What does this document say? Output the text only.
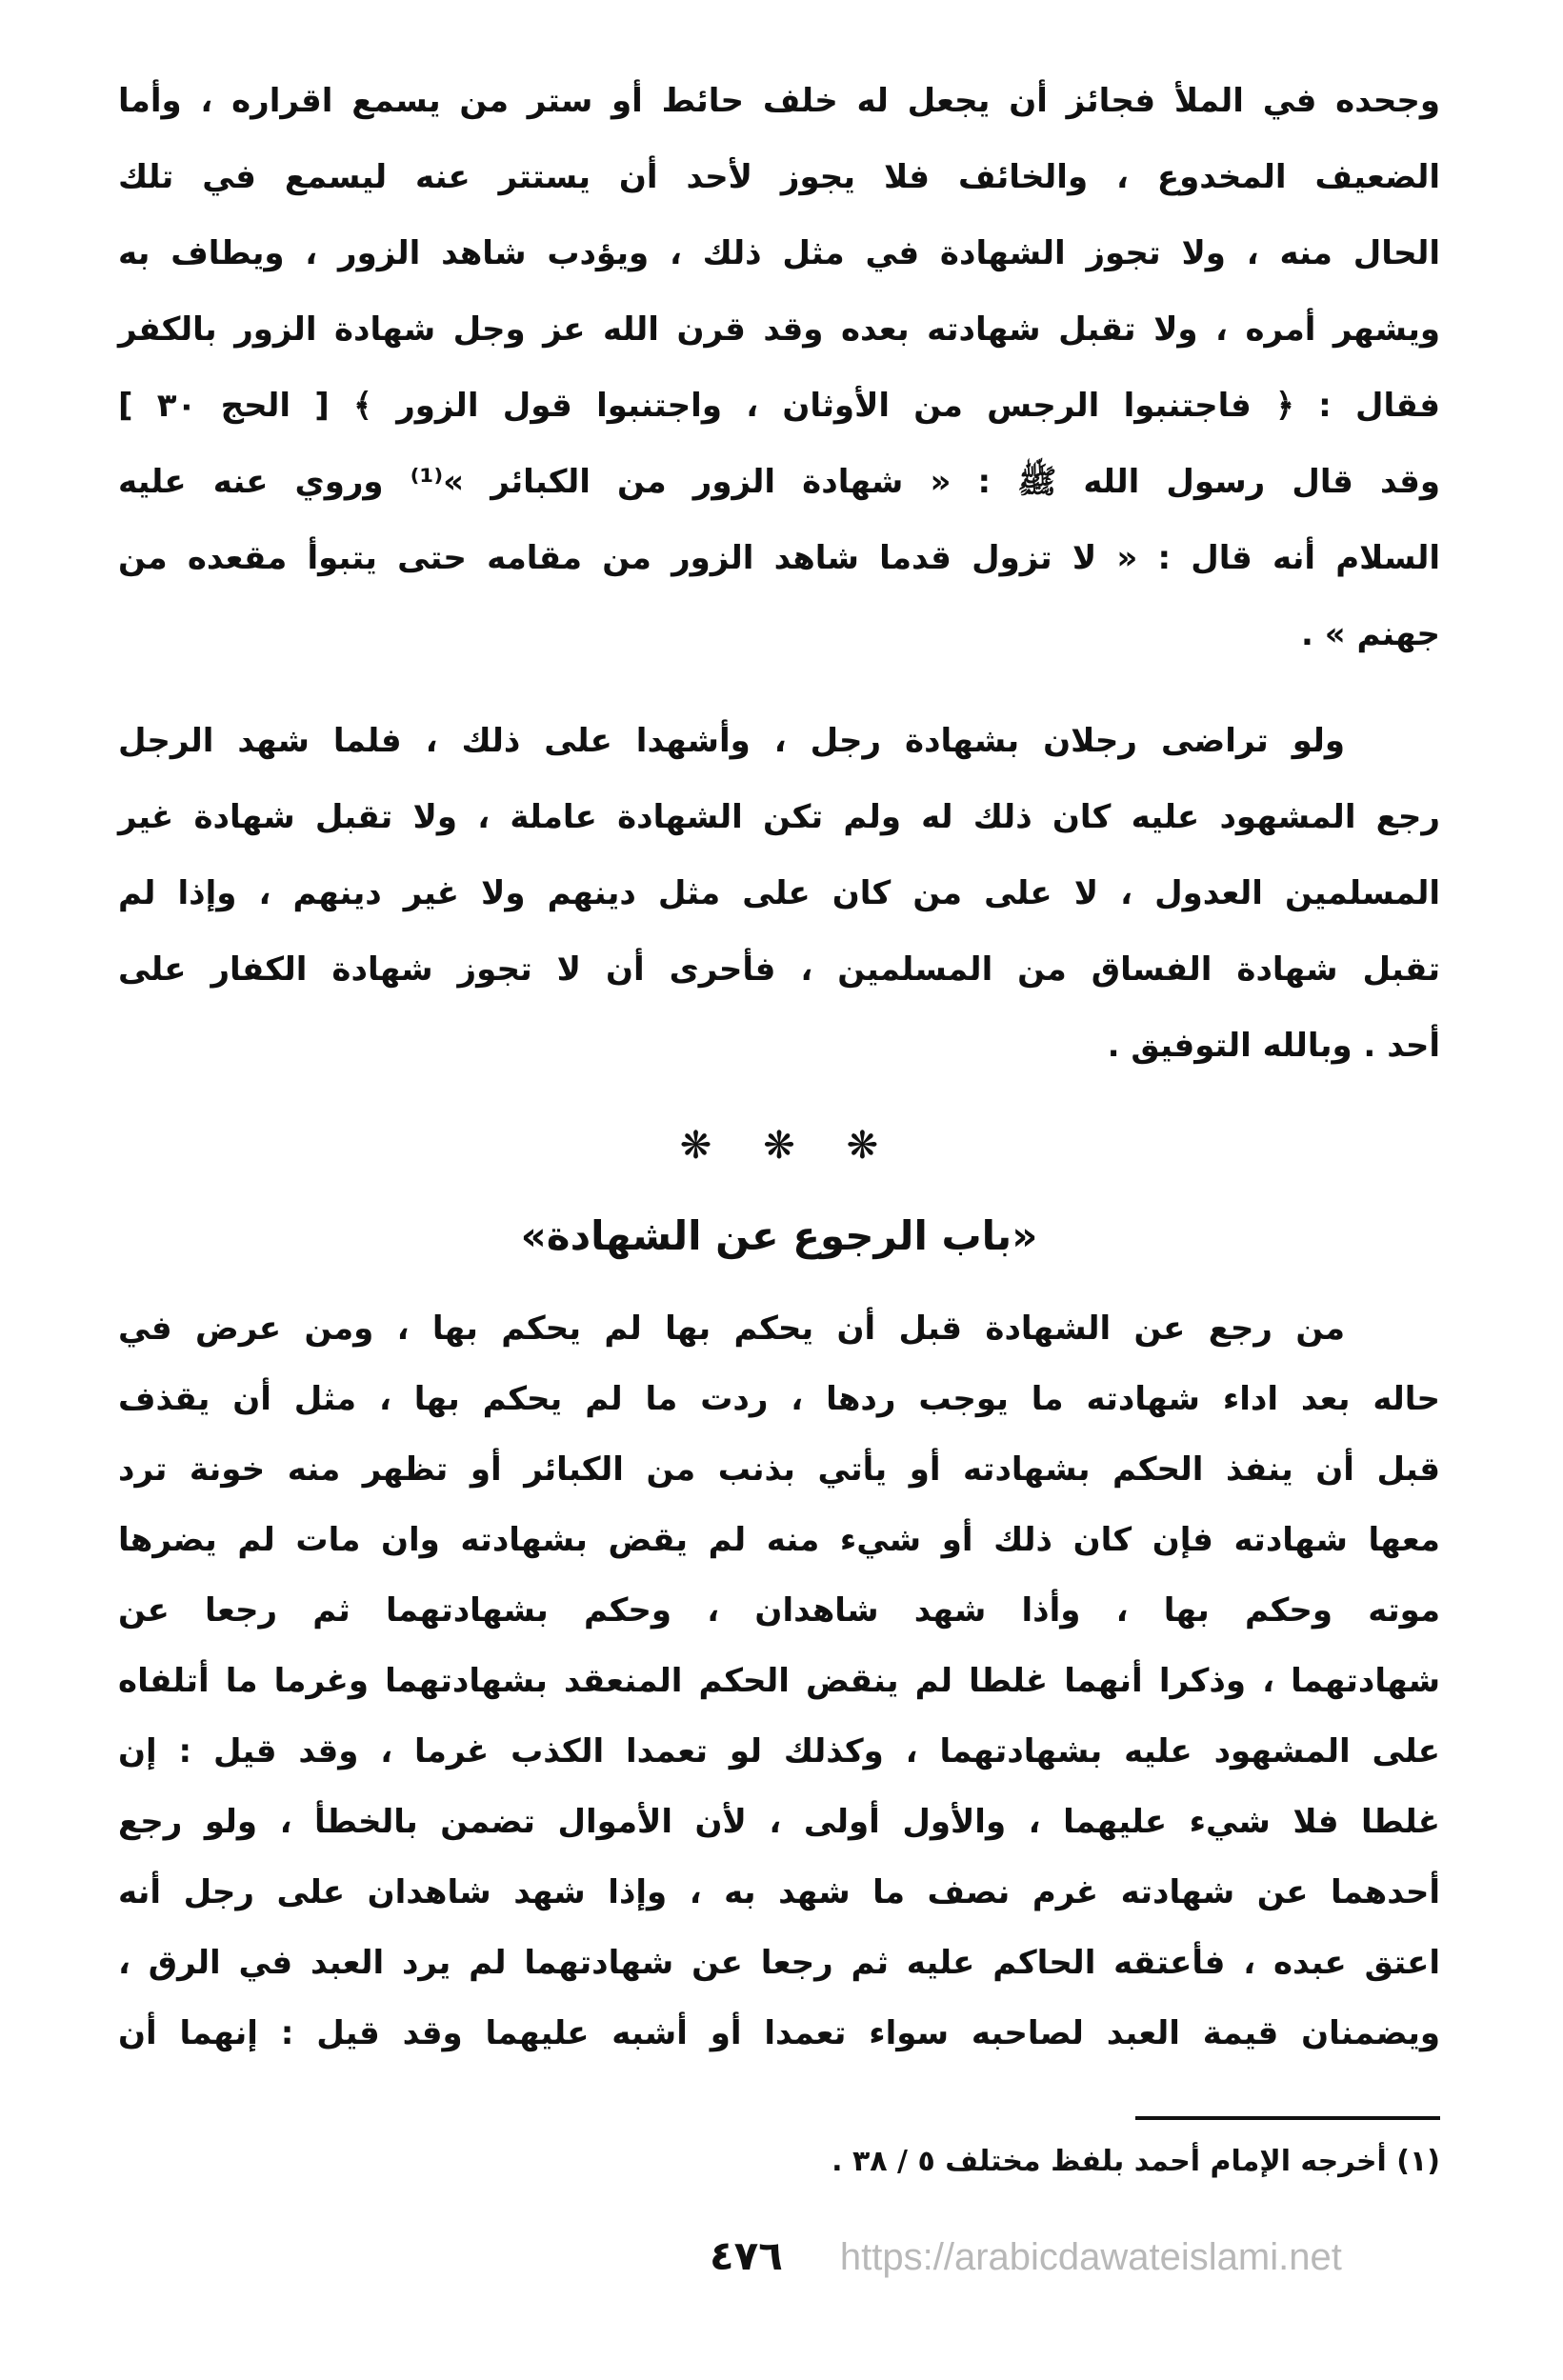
وجحده في الملأ فجائز أن يجعل له خلف حائط أو ستر من يسمع اقراره ، وأما
الضعيف المخدوع ، والخائف فلا يجوز لأحد أن يستتر عنه ليسمع في تلك
الحال منه ، ولا تجوز الشهادة في مثل ذلك ، ويؤدب شاهد الزور ، ويطاف به
ويشهر أمره ، ولا تقبل شهادته بعده وقد قرن الله عز وجل شهادة الزور بالكفر
فقال : ﴿ فاجتنبوا الرجس من الأوثان ، واجتنبوا قول الزور ﴾ [ الحج ٣٠ ]
وقد قال رسول الله ﷺ : « شهادة الزور من الكبائر »⁽¹⁾ وروي عنه عليه
السلام أنه قال : « لا تزول قدما شاهد الزور من مقامه حتى يتبوأ مقعده من
جهنم » .
ولو تراضى رجلان بشهادة رجل ، وأشهدا على ذلك ، فلما شهد الرجل
رجع المشهود عليه كان ذلك له ولم تكن الشهادة عاملة ، ولا تقبل شهادة غير
المسلمين العدول ، لا على من كان على مثل دينهم ولا غير دينهم ، وإذا لم
تقبل شهادة الفساق من المسلمين ، فأحرى أن لا تجوز شهادة الكفار على
أحد . وبالله التوفيق .
❋ ❋ ❋
«باب الرجوع عن الشهادة»
من رجع عن الشهادة قبل أن يحكم بها لم يحكم بها ، ومن عرض في
حاله بعد اداء شهادته ما يوجب ردها ، ردت ما لم يحكم بها ، مثل أن يقذف
قبل أن ينفذ الحكم بشهادته أو يأتي بذنب من الكبائر أو تظهر منه خونة ترد
معها شهادته فإن كان ذلك أو شيء منه لم يقض بشهادته وان مات لم يضرها
موته وحكم بها ، وأذا شهد شاهدان ، وحكم بشهادتهما ثم رجعا عن
شهادتهما ، وذكرا أنهما غلطا لم ينقض الحكم المنعقد بشهادتهما وغرما ما أتلفاه
على المشهود عليه بشهادتهما ، وكذلك لو تعمدا الكذب غرما ، وقد قيل : إن
غلطا فلا شيء عليهما ، والأول أولى ، لأن الأموال تضمن بالخطأ ، ولو رجع
أحدهما عن شهادته غرم نصف ما شهد به ، وإذا شهد شاهدان على رجل أنه
اعتق عبده ، فأعتقه الحاكم عليه ثم رجعا عن شهادتهما لم يرد العبد في الرق ،
ويضمنان قيمة العبد لصاحبه سواء تعمدا أو أشبه عليهما وقد قيل : إنهما أن
(١) أخرجه الإمام أحمد بلفظ مختلف ٥ / ٣٨ .
٤٧٦ https://arabicdawateislami.net
